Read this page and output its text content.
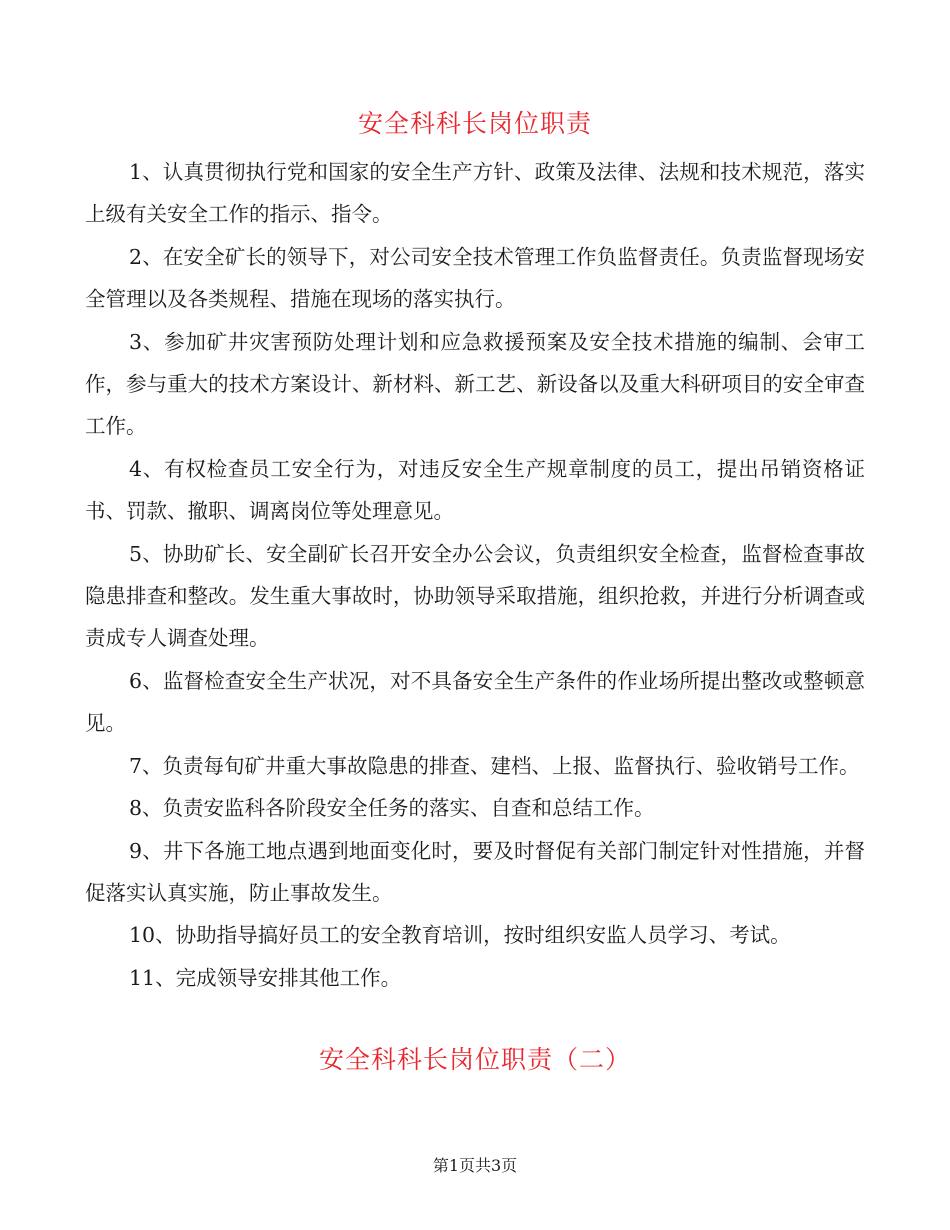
安全科科长岗位职责

1、认真贯彻执行党和国家的安全生产方针、政策及法律、法规和技术规范，落实上级有关安全工作的指示、指令。

2、在安全矿长的领导下，对公司安全技术管理工作负监督责任。负责监督现场安全管理以及各类规程、措施在现场的落实执行。

3、参加矿井灾害预防处理计划和应急救援预案及安全技术措施的编制、会审工作，参与重大的技术方案设计、新材料、新工艺、新设备以及重大科研项目的安全审查工作。

4、有权检查员工安全行为，对违反安全生产规章制度的员工，提出吊销资格证书、罚款、撤职、调离岗位等处理意见。

5、协助矿长、安全副矿长召开安全办公会议，负责组织安全检查，监督检查事故隐患排查和整改。发生重大事故时，协助领导采取措施，组织抢救，并进行分析调查或责成专人调查处理。

6、监督检查安全生产状况，对不具备安全生产条件的作业场所提出整改或整顿意见。

7、负责每旬矿井重大事故隐患的排查、建档、上报、监督执行、验收销号工作。

8、负责安监科各阶段安全任务的落实、自查和总结工作。

9、井下各施工地点遇到地面变化时，要及时督促有关部门制定针对性措施，并督促落实认真实施，防止事故发生。

10、协助指导搞好员工的安全教育培训，按时组织安监人员学习、考试。

11、完成领导安排其他工作。

安全科科长岗位职责（二）
第1页共3页
